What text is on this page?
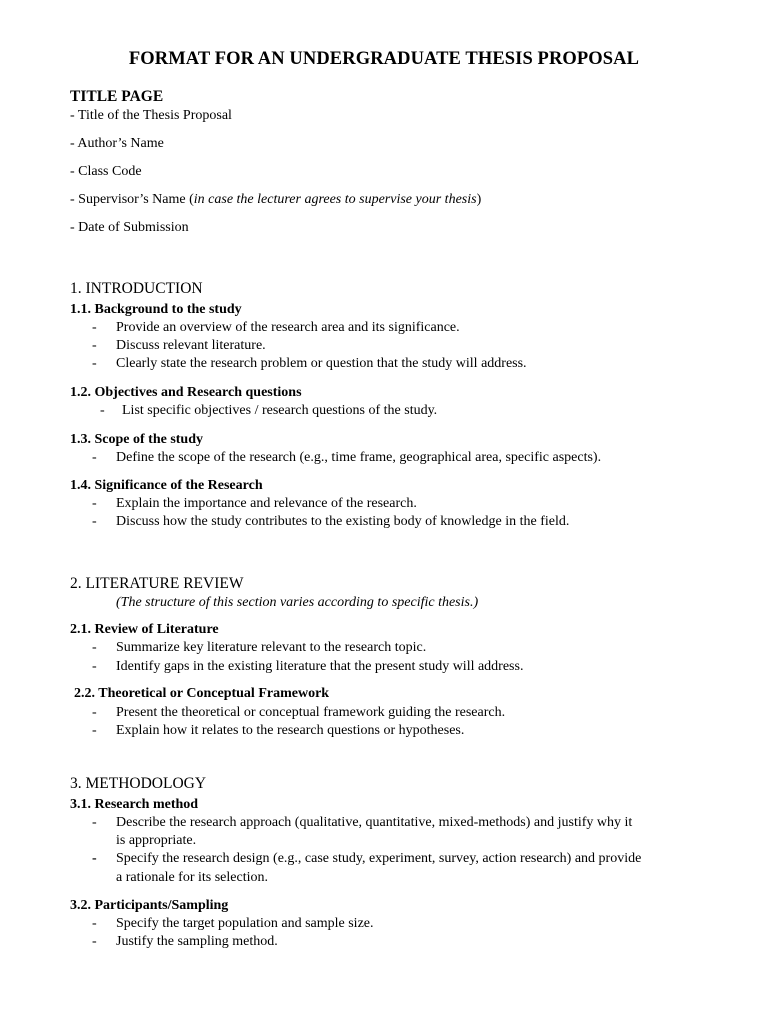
FORMAT FOR AN UNDERGRADUATE THESIS PROPOSAL
TITLE PAGE
- Title of the Thesis Proposal
- Author’s Name
- Class Code
- Supervisor’s Name (in case the lecturer agrees to supervise your thesis)
- Date of Submission
1. INTRODUCTION
1.1. Background to the study
- Provide an overview of the research area and its significance.
- Discuss relevant literature.
- Clearly state the research problem or question that the study will address.
1.2. Objectives and Research questions
- List specific objectives / research questions of the study.
1.3. Scope of the study
- Define the scope of the research (e.g., time frame, geographical area, specific aspects).
1.4. Significance of the Research
- Explain the importance and relevance of the research.
- Discuss how the study contributes to the existing body of knowledge in the field.
2. LITERATURE REVIEW
(The structure of this section varies according to specific thesis.)
2.1. Review of Literature
- Summarize key literature relevant to the research topic.
- Identify gaps in the existing literature that the present study will address.
2.2. Theoretical or Conceptual Framework
- Present the theoretical or conceptual framework guiding the research.
- Explain how it relates to the research questions or hypotheses.
3. METHODOLOGY
3.1. Research method
- Describe the research approach (qualitative, quantitative, mixed-methods) and justify why it
is appropriate.
- Specify the research design (e.g., case study, experiment, survey, action research) and provide
a rationale for its selection.
3.2. Participants/Sampling
- Specify the target population and sample size.
- Justify the sampling method.
